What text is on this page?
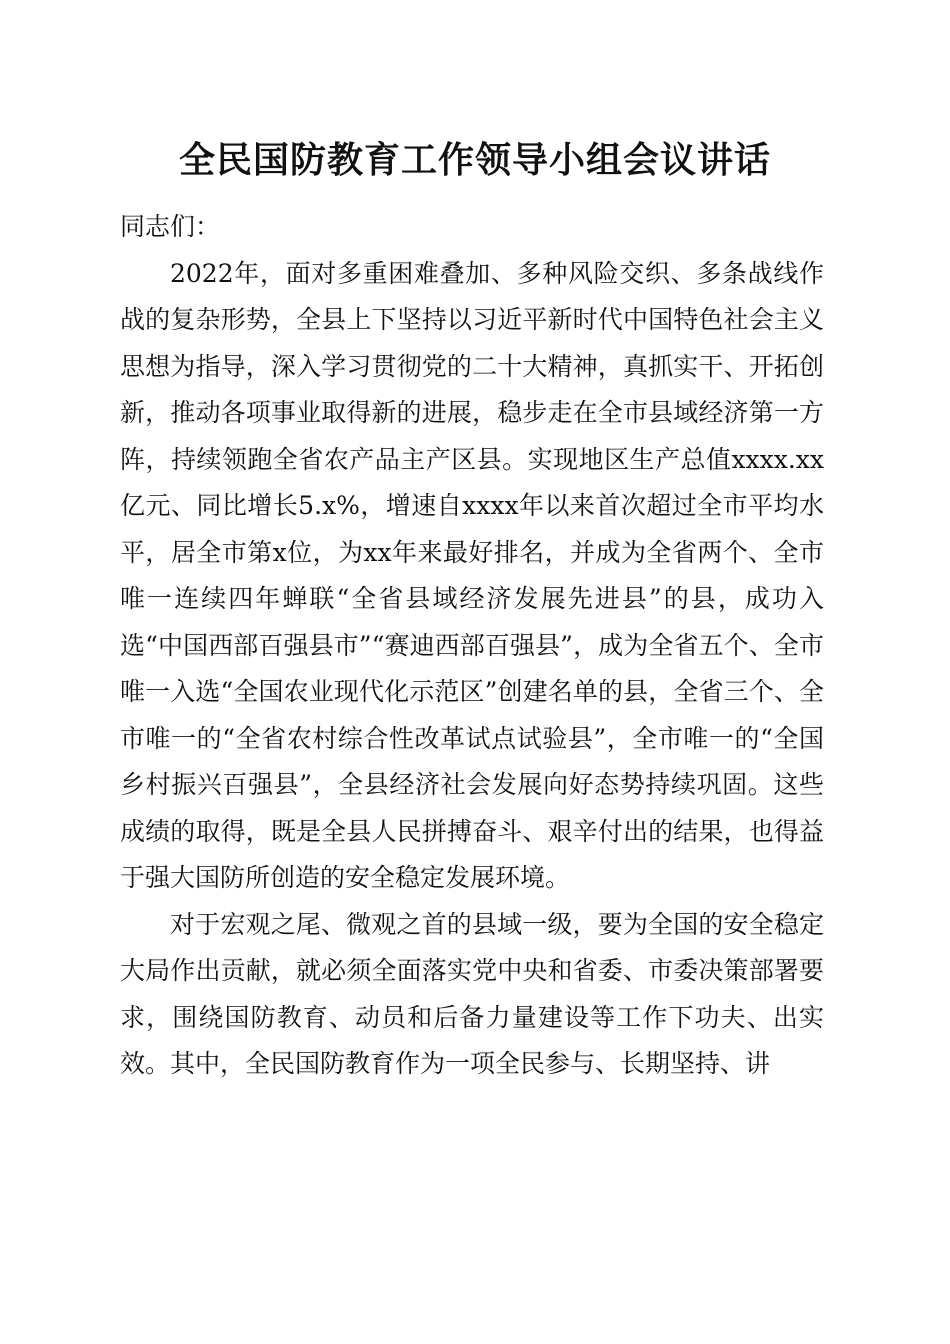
全民国防教育工作领导小组会议讲话

同志们：

2022年，面对多重困难叠加、多种风险交织、多条战线作战的复杂形势，全县上下坚持以习近平新时代中国特色社会主义思想为指导，深入学习贯彻党的二十大精神，真抓实干、开拓创新，推动各项事业取得新的进展，稳步走在全市县域经济第一方阵，持续领跑全省农产品主产区县。实现地区生产总值xxxx.xx亿元、同比增长5.x%，增速自xxxx年以来首次超过全市平均水平，居全市第x位，为xx年来最好排名，并成为全省两个、全市唯一连续四年蝉联“全省县域经济发展先进县”的县，成功入选“中国西部百强县市”“赛迪西部百强县”，成为全省五个、全市唯一入选“全国农业现代化示范区”创建名单的县，全省三个、全市唯一的“全省农村综合性改革试点试验县”，全市唯一的“全国乡村振兴百强县”，全县经济社会发展向好态势持续巩固。这些成绩的取得，既是全县人民拼搏奋斗、艰辛付出的结果，也得益于强大国防所创造的安全稳定发展环境。

对于宏观之尾、微观之首的县域一级，要为全国的安全稳定大局作出贡献，就必须全面落实党中央和省委、市委决策部署要求，围绕国防教育、动员和后备力量建设等工作下功夫、出实效。其中，全民国防教育作为一项全民参与、长期坚持、讲
